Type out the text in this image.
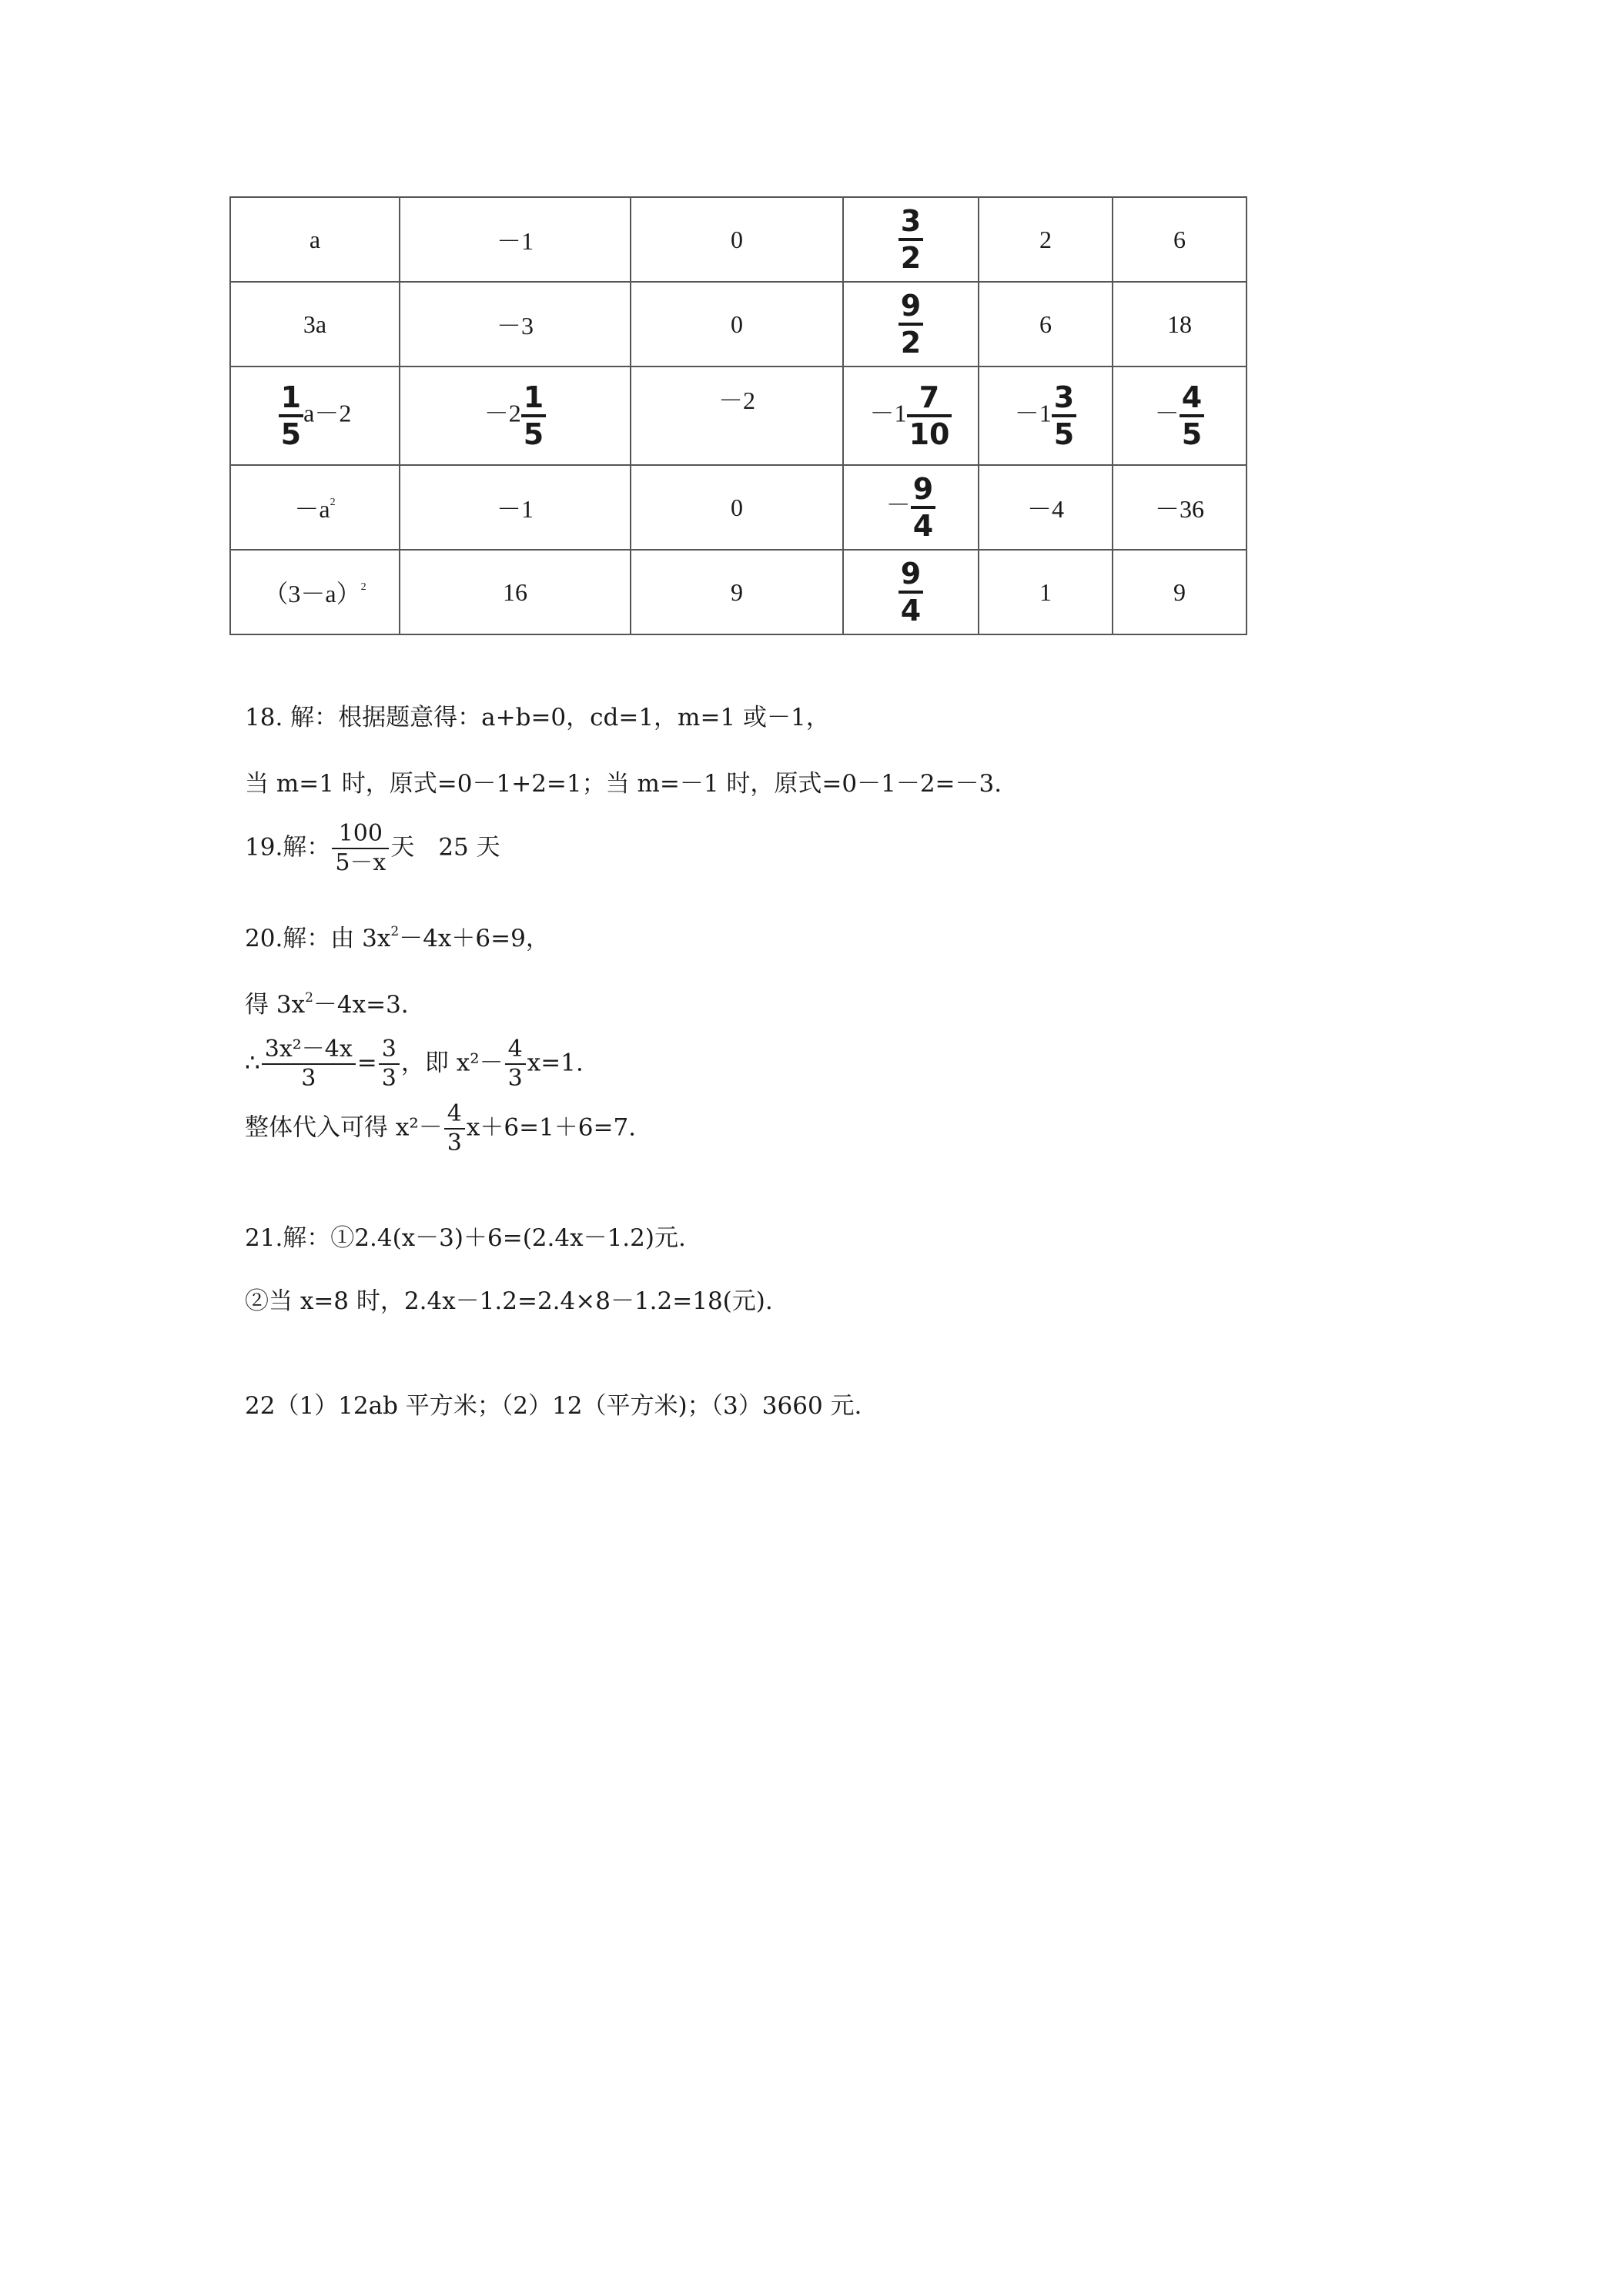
a	－1	0	$\frac{3}{2}$	2	6
3a	－3	0	$\frac{9}{2}$	6	18

$\frac{1}{5} a-2$	$-2 \frac{1}{5}$	－2	$-1 \frac{7}{10}$	$-1 \frac{3}{5}$	－ $\frac{4}{5}$

$-a^2$	－1	0	－ $\frac{9}{4}$	－4	－36
$(3-a)^2$	16	9	$\frac{9}{4}$	1	9
18. 解：根据题意得：a+b=0，cd=1，m=1 或－1，
当 m=1 时，原式=0－1+2=1；当 m=－1 时，原式=0－1－2=－3.
19.解： $\frac{100}{5-x}$ 天　25 天
20.解：由 $3x^2-4x+6=9$，
得 $3x^2-4x=3$.
∴ $\frac{\text{3x²－4x}}{3} = \frac{3}{3}$ ，即 $x^2- \frac{4}{3} x=1$.
整体代入可得 $x^2- \frac{4}{3} x+6=1+6=7$.
21.解：①2.4(x－3)＋6=(2.4x－1.2)元.
②当 x=8 时，2.4x－1.2=2.4×8－1.2=18(元).
22（1）12ab 平方米；（2）12（平方米)；（3）3660 元.
